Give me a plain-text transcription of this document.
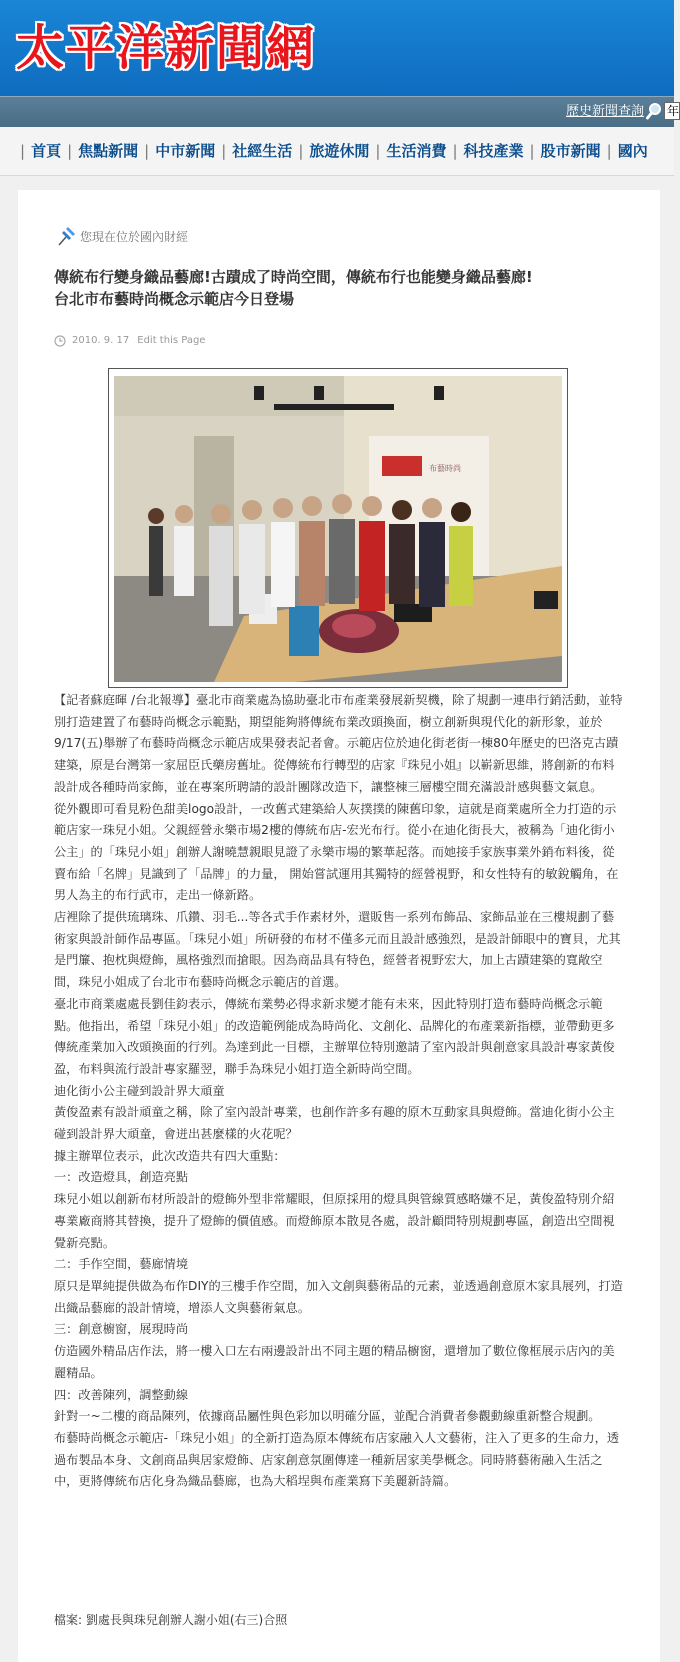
太平洋新聞網
歷史新聞查詢 年
| 首頁 | 焦點新聞 | 中市新聞 | 社經生活 | 旅遊休閒 | 生活消費 | 科技產業 | 股市新聞 | 國內
您現在位於國內財經
傳統布行變身織品藝廊!古蹟成了時尚空間，傳統布行也能變身織品藝廊!
台北市布藝時尚概念示範店今日登場
2010. 9. 17 Edit this Page
布藝時尚

【記者蘇庭暉 /台北報導】臺北市商業處為協助臺北市布產業發展新契機，除了規劃一連串行銷活動，並特別打造建置了布藝時尚概念示範點，期望能夠將傳統布業改頭換面，樹立創新與現代化的新形象，並於9/17(五)舉辦了布藝時尚概念示範店成果發表記者會。示範店位於迪化街老街一棟80年歷史的巴洛克古蹟建築，原是台灣第一家屈臣氏藥房舊址。從傳統布行轉型的店家『珠兒小姐』以嶄新思維，將創新的布料設計成各種時尚家飾，並在專案所聘請的設計團隊改造下，讓整棟三層樓空間充滿設計感與藝文氣息。

從外觀即可看見粉色甜美logo設計，一改舊式建築給人灰撲撲的陳舊印象，這就是商業處所全力打造的示範店家一珠兒小姐。父親經營永樂市場2樓的傳統布店-宏光布行。從小在迪化街長大，被稱為「迪化街小公主」的「珠兒小姐」創辦人謝曉慧親眼見證了永樂市場的繁華起落。而她接手家族事業外銷布料後，從賣布給「名牌」見識到了「品牌」的力量， 開始嘗試運用其獨特的經營視野，和女性特有的敏銳觸角，在男人為主的布行武市，走出一條新路。

店裡除了提供琉璃珠、爪鑽、羽毛...等各式手作素材外，還販售一系列布飾品、家飾品並在三樓規劃了藝術家與設計師作品專區。「珠兒小姐」所研發的布材不僅多元而且設計感強烈，是設計師眼中的寶貝，尤其是門簾、抱枕與燈飾，風格強烈而搶眼。因為商品具有特色，經營者視野宏大，加上古蹟建築的寬敞空間，珠兒小姐成了台北市布藝時尚概念示範店的首選。

臺北市商業處處長劉佳鈞表示，傳統布業勢必得求新求變才能有未來，因此特別打造布藝時尚概念示範點。他指出，希望「珠兒小姐」的改造範例能成為時尚化、文創化、品牌化的布產業新指標，並帶動更多傳統產業加入改頭換面的行列。為達到此一目標，主辦單位特別邀請了室內設計與創意家具設計專家黃俊盈，布料與流行設計專家羅翌，聯手為珠兒小姐打造全新時尚空間。

迪化街小公主碰到設計界大頑童

黃俊盈素有設計頑童之稱，除了室內設計專業，也創作許多有趣的原木互動家具與燈飾。當迪化街小公主碰到設計界大頑童，會迸出甚麼樣的火花呢？

據主辦單位表示，此次改造共有四大重點：

一：改造燈具，創造亮點

珠兒小姐以創新布材所設計的燈飾外型非常耀眼，但原採用的燈具與管線質感略嫌不足，黃俊盈特別介紹專業廠商將其替換，提升了燈飾的價值感。而燈飾原本散見各處，設計顧問特別規劃專區，創造出空間視覺新亮點。

二：手作空間，藝廊情境

原只是單純提供做為布作DIY的三樓手作空間，加入文創與藝術品的元素，並透過創意原木家具展列，打造出織品藝廊的設計情境，增添人文與藝術氣息。

三：創意櫥窗，展現時尚

仿造國外精品店作法，將一樓入口左右兩邊設計出不同主題的精品櫥窗，還增加了數位像框展示店內的美麗精品。

四：改善陳列，調整動線

針對一~二樓的商品陳列，依據商品屬性與色彩加以明確分區，並配合消費者參觀動線重新整合規劃。

布藝時尚概念示範店-「珠兒小姐」的全新打造為原本傳統布店家融入人文藝術，注入了更多的生命力，透過布製品本身、文創商品與居家燈飾、店家創意氛圍傳達一種新居家美學概念。同時將藝術融入生活之中，更將傳統布店化身為織品藝廊，也為大稻埕與布產業寫下美麗新詩篇。

檔案: 劉處長與珠兒創辦人謝小姐(右三)合照
